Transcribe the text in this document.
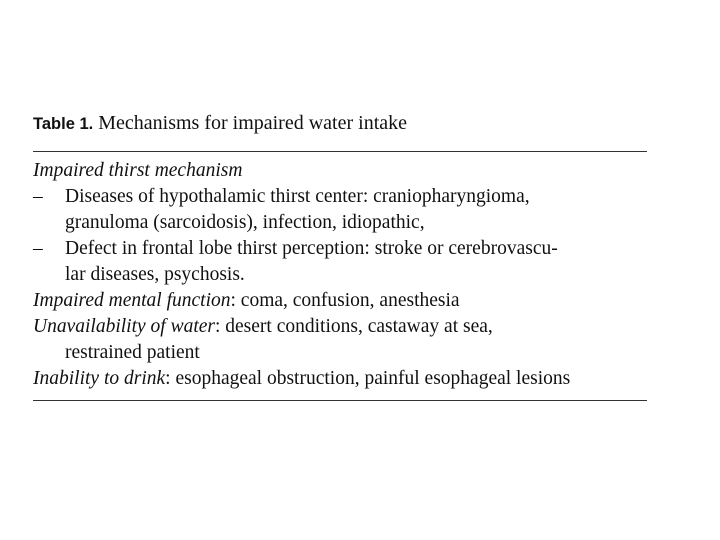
Table 1. Mechanisms for impaired water intake
Impaired thirst mechanism
–	Diseases of hypothalamic thirst center: craniopharyngioma,
granuloma (sarcoidosis), infection, idiopathic,
–	Defect in frontal lobe thirst perception: stroke or cerebrovascu-
lar diseases, psychosis.
Impaired mental function: coma, confusion, anesthesia
Unavailability of water: desert conditions, castaway at sea,
restrained patient
Inability to drink: esophageal obstruction, painful esophageal lesions
